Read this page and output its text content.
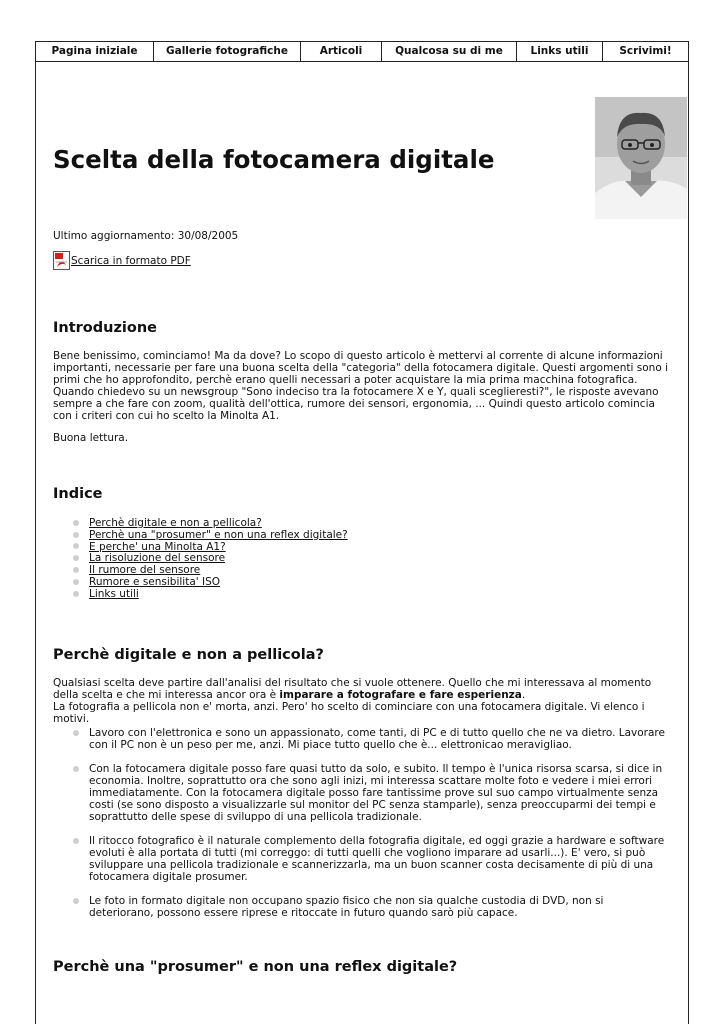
Pagina iniziale	Gallerie fotografiche	Articoli	Qualcosa su di me	Links utili	Scrivimi!
Scelta della fotocamera digitale
Ultimo aggiornamento: 30/08/2005
Scarica in formato PDF
Introduzione

Bene benissimo, cominciamo! Ma da dove? Lo scopo di questo articolo è mettervi al corrente di alcune informazioni importanti, necessarie per fare una buona scelta della "categoria" della fotocamera digitale. Questi argomenti sono i primi che ho approfondito, perchè erano quelli necessari a poter acquistare la mia prima macchina fotografica. Quando chiedevo su un newsgroup "Sono indeciso tra la fotocamere X e Y, quali sceglieresti?", le risposte avevano sempre a che fare con zoom, qualità dell'ottica, rumore dei sensori, ergonomia, ... Quindi questo articolo comincia con i criteri con cui ho scelto la Minolta A1.

Buona lettura.

Indice
Perchè digitale e non a pellicola?
Perchè una "prosumer" e non una reflex digitale?
E perche' una Minolta A1?
La risoluzione del sensore
Il rumore del sensore
Rumore e sensibilita' ISO
Links utili
Perchè digitale e non a pellicola?

Qualsiasi scelta deve partire dall'analisi del risultato che si vuole ottenere. Quello che mi interessava al momento della scelta e che mi interessa ancor ora è imparare a fotografare e fare esperienza.
La fotografia a pellicola non e' morta, anzi. Pero' ho scelto di cominciare con una fotocamera digitale. Vi elenco i motivi.

Lavoro con l'elettronica e sono un appassionato, come tanti, di PC e di tutto quello che ne va dietro. Lavorare con il PC non è un peso per me, anzi. Mi piace tutto quello che è... elettronicao meravigliao.

Con la fotocamera digitale posso fare quasi tutto da solo, e subito. Il tempo è l'unica risorsa scarsa, si dice in economia. Inoltre, soprattutto ora che sono agli inizi, mi interessa scattare molte foto e vedere i miei errori immediatamente. Con la fotocamera digitale posso fare tantissime prove sul suo campo virtualmente senza costi (se sono disposto a visualizzarle sul monitor del PC senza stamparle), senza preoccuparmi dei tempi e soprattutto delle spese di sviluppo di una pellicola tradizionale.

Il ritocco fotografico è il naturale complemento della fotografia digitale, ed oggi grazie a hardware e software evoluti è alla portata di tutti (mi correggo: di tutti quelli che vogliono imparare ad usarli...). E' vero, si può sviluppare una pellicola tradizionale e scannerizzarla, ma un buon scanner costa decisamente di più di una fotocamera digitale prosumer.

Le foto in formato digitale non occupano spazio fisico che non sia qualche custodia di DVD, non si deteriorano, possono essere riprese e ritoccate in futuro quando sarò più capace.

Perchè una "prosumer" e non una reflex digitale?
